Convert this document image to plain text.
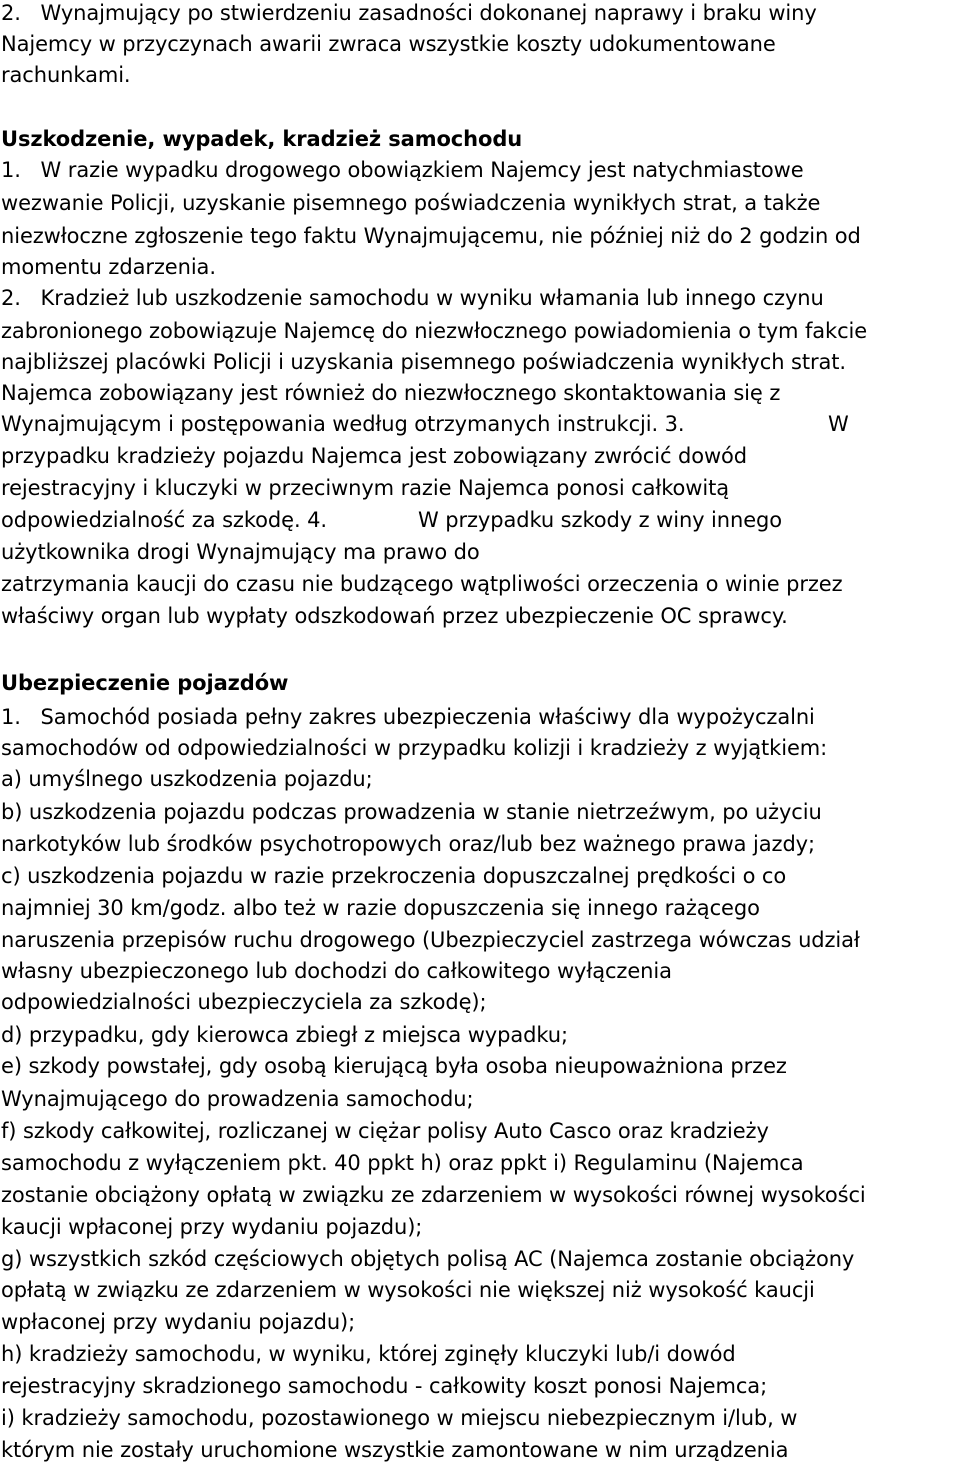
2.   Wynajmujący po stwierdzeniu zasadności dokonanej naprawy i braku winy

Najemcy w przyczynach awarii zwraca wszystkie koszty udokumentowane

rachunkami.

Uszkodzenie, wypadek, kradzież samochodu

1.   W razie wypadku drogowego obowiązkiem Najemcy jest natychmiastowe

wezwanie Policji, uzyskanie pisemnego poświadczenia wynikłych strat, a także

niezwłoczne zgłoszenie tego faktu Wynajmującemu, nie później niż do 2 godzin od

momentu zdarzenia.

2.   Kradzież lub uszkodzenie samochodu w wyniku włamania lub innego czynu

zabronionego zobowiązuje Najemcę do niezwłocznego powiadomienia o tym fakcie

najbliższej placówki Policji i uzyskania pisemnego poświadczenia wynikłych strat.

Najemca zobowiązany jest również do niezwłocznego skontaktowania się z

Wynajmującym i postępowania według otrzymanych instrukcji. 3.	W

przypadku kradzieży pojazdu Najemca jest zobowiązany zwrócić dowód

rejestracyjny i kluczyki w przeciwnym razie Najemca ponosi całkowitą

odpowiedzialność za szkodę. 4.	W przypadku szkody z winy innego

użytkownika drogi Wynajmujący ma prawo do

zatrzymania kaucji do czasu nie budzącego wątpliwości orzeczenia o winie przez

właściwy organ lub wypłaty odszkodowań przez ubezpieczenie OC sprawcy.

Ubezpieczenie pojazdów

1.   Samochód posiada pełny zakres ubezpieczenia właściwy dla wypożyczalni

samochodów od odpowiedzialności w przypadku kolizji i kradzieży z wyjątkiem:

a) umyślnego uszkodzenia pojazdu;

b) uszkodzenia pojazdu podczas prowadzenia w stanie nietrzeźwym, po użyciu

narkotyków lub środków psychotropowych oraz/lub bez ważnego prawa jazdy;

c) uszkodzenia pojazdu w razie przekroczenia dopuszczalnej prędkości o co

najmniej 30 km/godz. albo też w razie dopuszczenia się innego rażącego

naruszenia przepisów ruchu drogowego (Ubezpieczyciel zastrzega wówczas udział

własny ubezpieczonego lub dochodzi do całkowitego wyłączenia

odpowiedzialności ubezpieczyciela za szkodę);

d) przypadku, gdy kierowca zbiegł z miejsca wypadku;

e) szkody powstałej, gdy osobą kierującą była osoba nieupoważniona przez

Wynajmującego do prowadzenia samochodu;

f) szkody całkowitej, rozliczanej w ciężar polisy Auto Casco oraz kradzieży

samochodu z wyłączeniem pkt. 40 ppkt h) oraz ppkt i) Regulaminu (Najemca

zostanie obciążony opłatą w związku ze zdarzeniem w wysokości równej wysokości

kaucji wpłaconej przy wydaniu pojazdu);

g) wszystkich szkód częściowych objętych polisą AC (Najemca zostanie obciążony

opłatą w związku ze zdarzeniem w wysokości nie większej niż wysokość kaucji

wpłaconej przy wydaniu pojazdu);

h) kradzieży samochodu, w wyniku, której zginęły kluczyki lub/i dowód

rejestracyjny skradzionego samochodu - całkowity koszt ponosi Najemca;

i) kradzieży samochodu, pozostawionego w miejscu niebezpiecznym i/lub, w

którym nie zostały uruchomione wszystkie zamontowane w nim urządzenia
